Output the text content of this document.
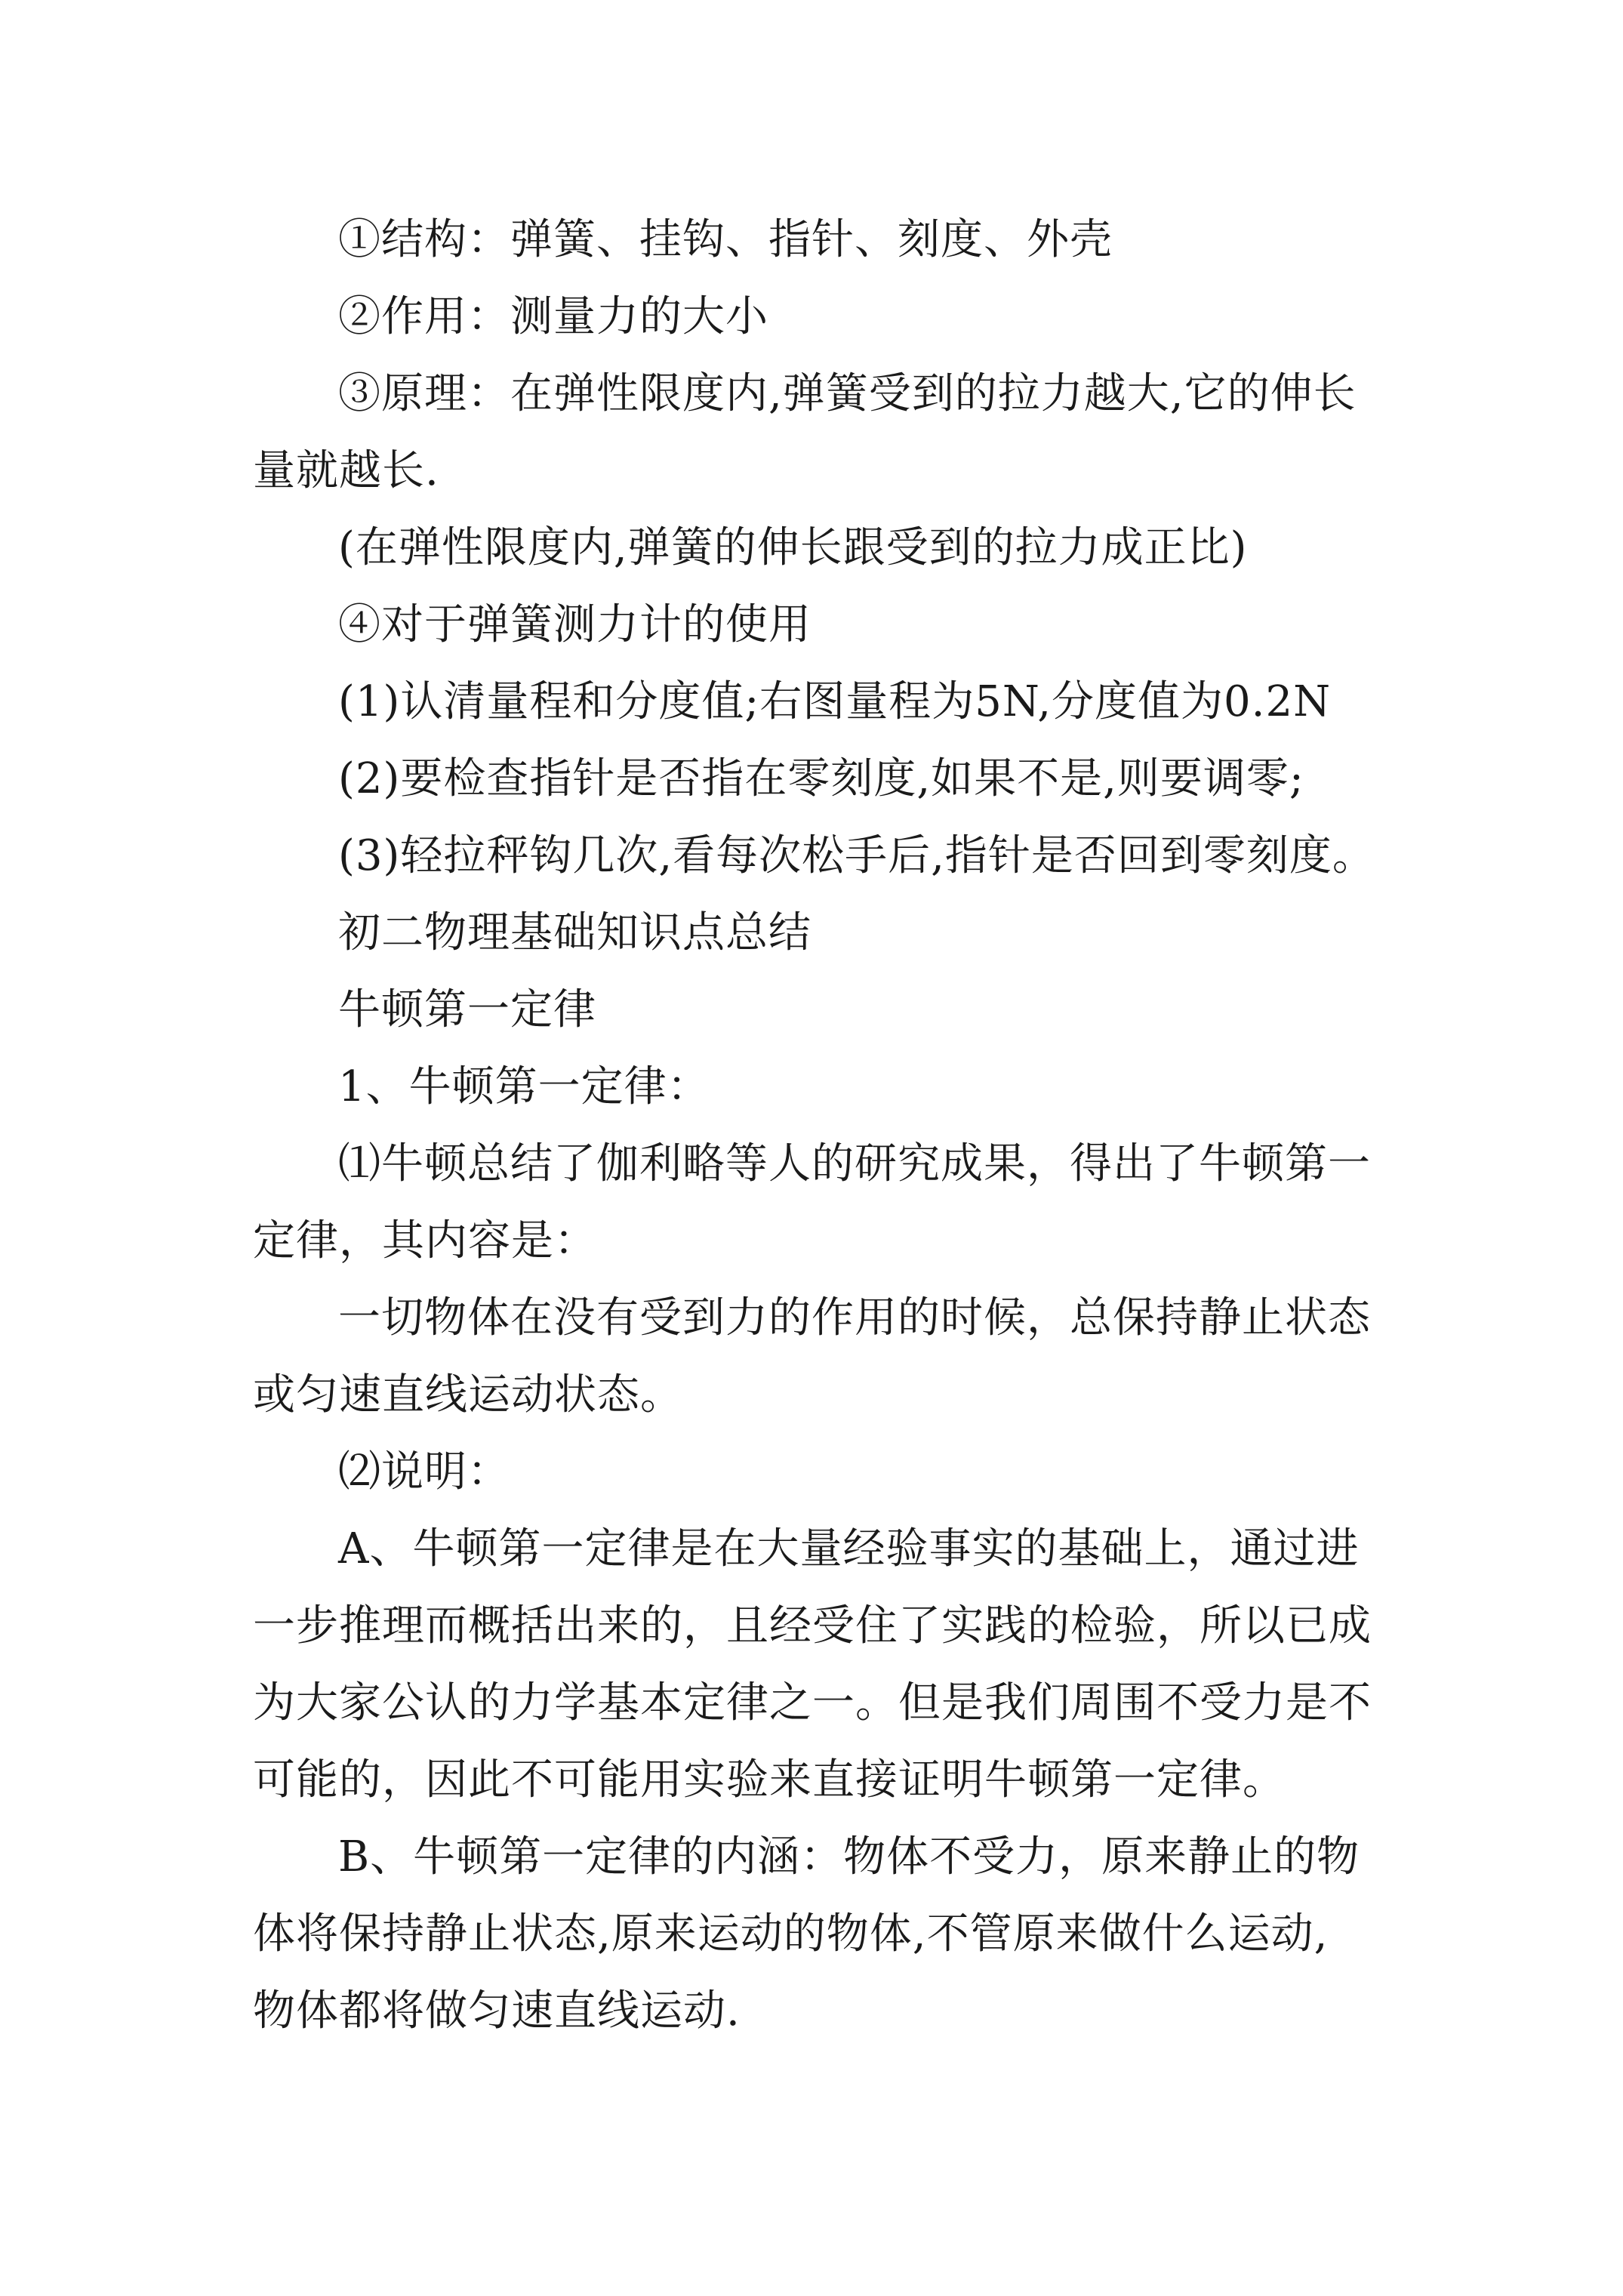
①结构：弹簧、挂钩、指针、刻度、外壳
②作用：测量力的大小
③原理：在弹性限度内,弹簧受到的拉力越大,它的伸长
量就越长.
(在弹性限度内,弹簧的伸长跟受到的拉力成正比)
④对于弹簧测力计的使用
(1)认清量程和分度值;右图量程为5N,分度值为0.2N
(2)要检查指针是否指在零刻度,如果不是,则要调零;
(3)轻拉秤钩几次,看每次松手后,指针是否回到零刻度。
初二物理基础知识点总结
牛顿第一定律
1、牛顿第一定律：
⑴牛顿总结了伽利略等人的研究成果，得出了牛顿第一
定律，其内容是：
一切物体在没有受到力的作用的时候，总保持静止状态
或匀速直线运动状态。
⑵说明：
A、牛顿第一定律是在大量经验事实的基础上，通过进
一步推理而概括出来的，且经受住了实践的检验，所以已成
为大家公认的力学基本定律之一。但是我们周围不受力是不
可能的，因此不可能用实验来直接证明牛顿第一定律。
B、牛顿第一定律的内涵：物体不受力，原来静止的物
体将保持静止状态,原来运动的物体,不管原来做什么运动,
物体都将做匀速直线运动.
